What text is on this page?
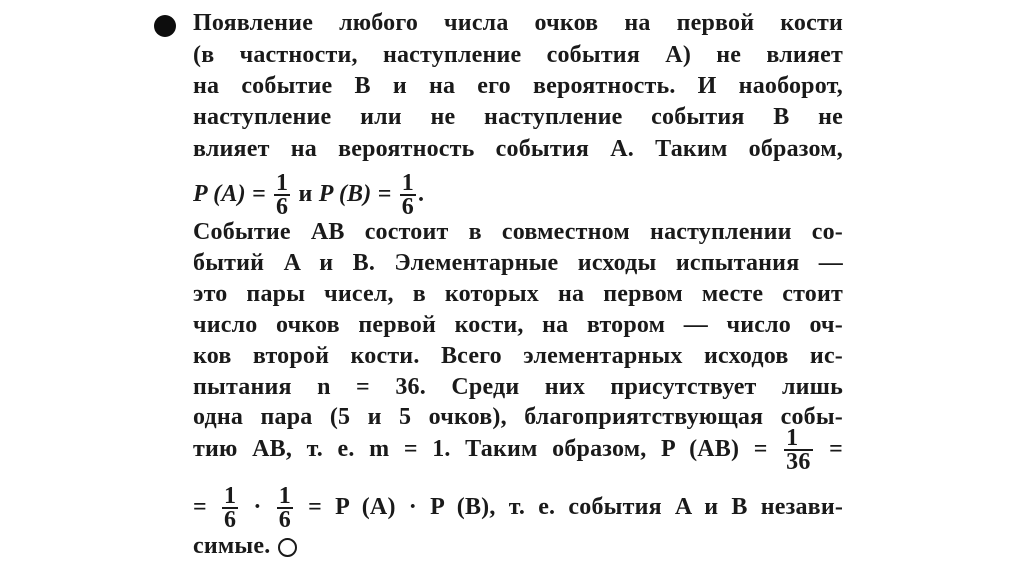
Появление любого числа очков на первой кости
(в частности, наступление события A) не влияет
на событие B и на его вероятность. И наоборот,
наступление или не наступление события B не
влияет на вероятность события A. Таким образом,
P $(A) = \frac{1}{6}$ и P $(B) = \frac{1}{6}$ .
Событие AB состоит в совместном наступлении со-
бытий A и B. Элементарные исходы испытания —
это пары чисел, в которых на первом месте стоит
число очков первой кости, на втором — число оч-
ков второй кости. Всего элементарных исходов ис-
пытания n = 36. Среди них присутствует лишь
одна пара (5 и 5 очков), благоприятствующая собы-
тию AB, т. е. m = 1. Таким образом, P $(AB) = \frac{1}{36}$ =
= $\frac{1}{6} \cdot \frac{1}{6} = P$ (A) · P (B), т. е. события A и B незави-
симые.
